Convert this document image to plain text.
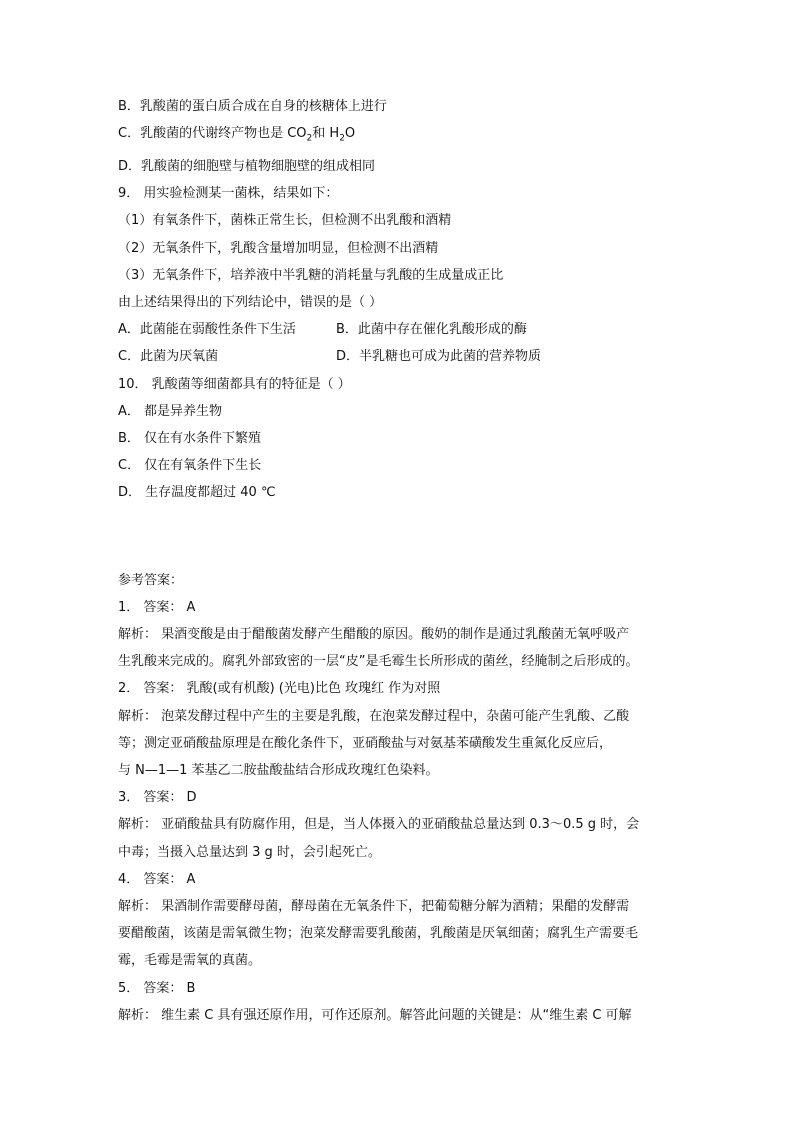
B．乳酸菌的蛋白质合成在自身的核糖体上进行
C．乳酸菌的代谢终产物也是 $CO_2$和 $H_2O$
D．乳酸菌的细胞壁与植物细胞壁的组成相同
9． 用实验检测某一菌株，结果如下：
（1）有氧条件下，菌株正常生长，但检测不出乳酸和酒精
（2）无氧条件下，乳酸含量增加明显，但检测不出酒精
（3）无氧条件下，培养液中半乳糖的消耗量与乳酸的生成量成正比
由上述结果得出的下列结论中，错误的是（ ）
A．此菌能在弱酸性条件下生活	B．此菌中存在催化乳酸形成的酶
C．此菌为厌氧菌	D．半乳糖也可成为此菌的营养物质
10． 乳酸菌等细菌都具有的特征是（ ）
A． 都是异养生物
B． 仅在有水条件下繁殖
C． 仅在有氧条件下生长
D． 生存温度都超过 40 ℃
参考答案：
1． 答案： A
解析： 果酒变酸是由于醋酸菌发酵产生醋酸的原因。酸奶的制作是通过乳酸菌无氧呼吸产
生乳酸来完成的。腐乳外部致密的一层“皮”是毛霉生长所形成的菌丝，经腌制之后形成的。
2． 答案： 乳酸(或有机酸) (光电)比色 玫瑰红 作为对照
解析： 泡菜发酵过程中产生的主要是乳酸，在泡菜发酵过程中，杂菌可能产生乳酸、乙酸
等；测定亚硝酸盐原理是在酸化条件下，亚硝酸盐与对氨基苯磺酸发生重氮化反应后，
与 N—1—1 苯基乙二胺盐酸盐结合形成玫瑰红色染料。
3． 答案： D
解析： 亚硝酸盐具有防腐作用，但是，当人体摄入的亚硝酸盐总量达到 0.3～0.5 g 时，会
中毒；当摄入总量达到 3 g 时，会引起死亡。
4． 答案： A
解析： 果酒制作需要酵母菌，酵母菌在无氧条件下，把葡萄糖分解为酒精；果醋的发酵需
要醋酸菌，该菌是需氧微生物；泡菜发酵需要乳酸菌，乳酸菌是厌氧细菌；腐乳生产需要毛
霉，毛霉是需氧的真菌。
5． 答案： B
解析： 维生素 C 具有强还原作用，可作还原剂。解答此问题的关键是：从“维生素 C 可解
